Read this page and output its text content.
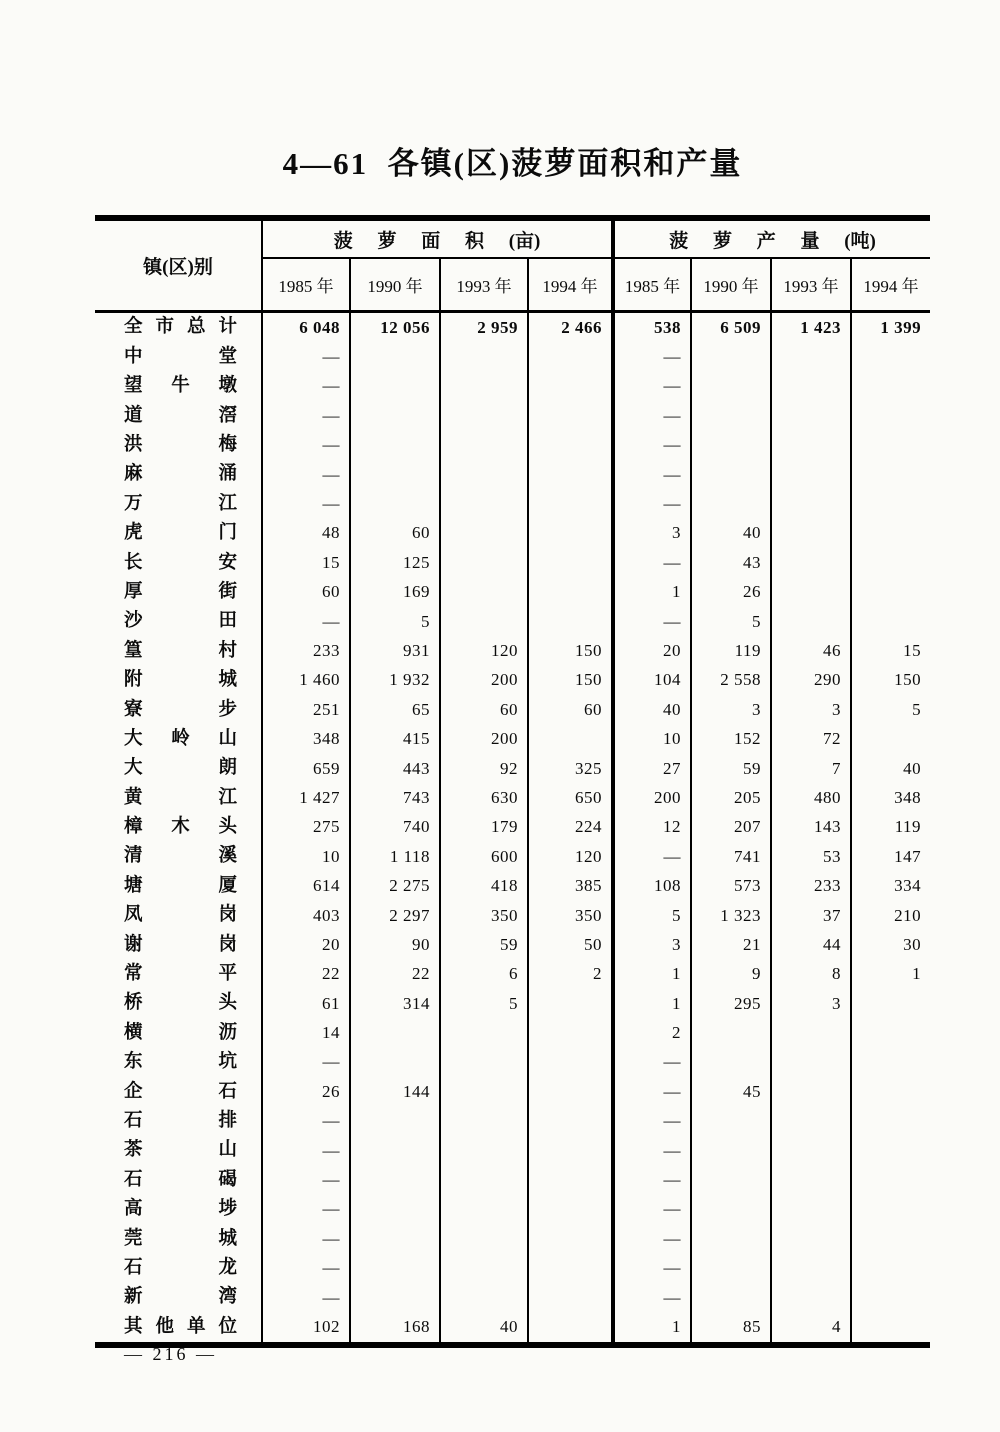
4—61  各镇(区)菠萝面积和产量
镇(区)别	菠 萝 面 积 (亩)				菠 萝 产 量 (吨)			
	1985 年	1990 年	1993 年	1994 年	1985 年	1990 年	1993 年	1994 年

全市总计	6 048	12 056	2 959	2 466	538	6 509	1 423	1 399

中堂	—				—			

望牛墩	—				—			

道滘	—				—			

洪梅	—				—			

麻涌	—				—			

万江	—				—			

虎门	48	60			3	40		

长安	15	125			—	43		

厚街	60	169			1	26		

沙田	—	5			—	5		

篁村	233	931	120	150	20	119	46	15

附城	1 460	1 932	200	150	104	2 558	290	150

寮步	251	65	60	60	40	3	3	5

大岭山	348	415	200		10	152	72	

大朗	659	443	92	325	27	59	7	40

黄江	1 427	743	630	650	200	205	480	348

樟木头	275	740	179	224	12	207	143	119

清溪	10	1 118	600	120	—	741	53	147

塘厦	614	2 275	418	385	108	573	233	334

凤岗	403	2 297	350	350	5	1 323	37	210

谢岗	20	90	59	50	3	21	44	30

常平	22	22	6	2	1	9	8	1

桥头	61	314	5		1	295	3	

横沥	14				2			

东坑	—				—			

企石	26	144			—	45		

石排	—				—			

茶山	—				—			

石碣	—				—			

高埗	—				—			

莞城	—				—			

石龙	—				—			

新湾	—				—			

其他单位	102	168	40		1	85	4	
— 216 —
